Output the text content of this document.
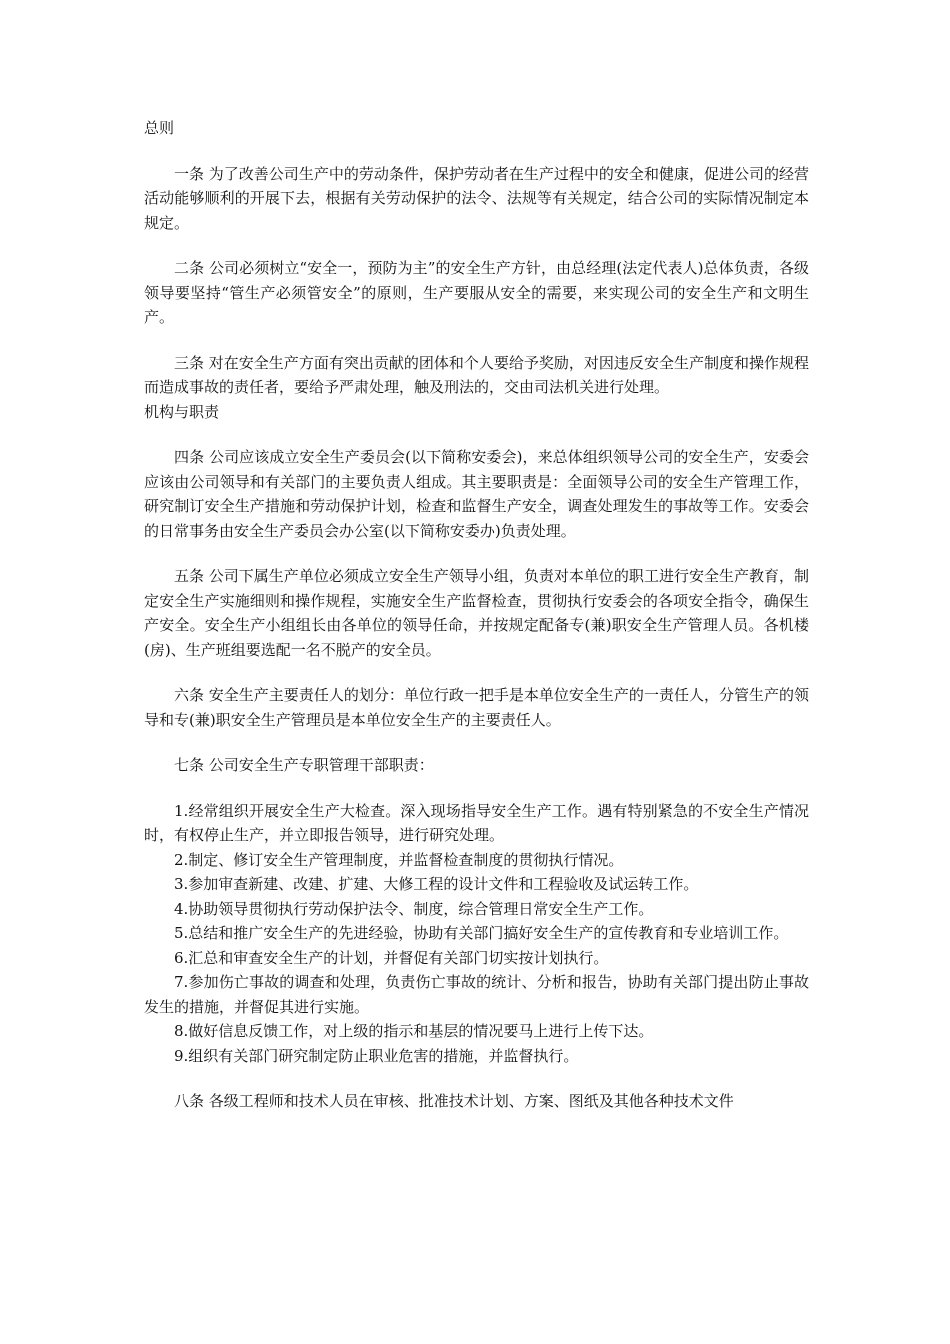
总则

一条 为了改善公司生产中的劳动条件，保护劳动者在生产过程中的安全和健康，促进公司的经营活动能够顺利的开展下去，根据有关劳动保护的法令、法规等有关规定，结合公司的实际情况制定本规定。

二条 公司必须树立“安全一，预防为主”的安全生产方针，由总经理(法定代表人)总体负责，各级领导要坚持“管生产必须管安全”的原则，生产要服从安全的需要，来实现公司的安全生产和文明生产。

三条 对在安全生产方面有突出贡献的团体和个人要给予奖励，对因违反安全生产制度和操作规程而造成事故的责任者，要给予严肃处理，触及刑法的，交由司法机关进行处理。

机构与职责

四条 公司应该成立安全生产委员会(以下简称安委会)，来总体组织领导公司的安全生产，安委会应该由公司领导和有关部门的主要负责人组成。其主要职责是：全面领导公司的安全生产管理工作，研究制订安全生产措施和劳动保护计划，检查和监督生产安全，调查处理发生的事故等工作。安委会的日常事务由安全生产委员会办公室(以下简称安委办)负责处理。

五条 公司下属生产单位必须成立安全生产领导小组，负责对本单位的职工进行安全生产教育，制定安全生产实施细则和操作规程，实施安全生产监督检查，贯彻执行安委会的各项安全指令，确保生产安全。安全生产小组组长由各单位的领导任命，并按规定配备专(兼)职安全生产管理人员。各机楼(房)、生产班组要选配一名不脱产的安全员。

六条 安全生产主要责任人的划分：单位行政一把手是本单位安全生产的一责任人，分管生产的领导和专(兼)职安全生产管理员是本单位安全生产的主要责任人。

七条 公司安全生产专职管理干部职责：

1.经常组织开展安全生产大检查。深入现场指导安全生产工作。遇有特别紧急的不安全生产情况时，有权停止生产，并立即报告领导，进行研究处理。
2.制定、修订安全生产管理制度，并监督检查制度的贯彻执行情况。
3.参加审查新建、改建、扩建、大修工程的设计文件和工程验收及试运转工作。
4.协助领导贯彻执行劳动保护法令、制度，综合管理日常安全生产工作。
5.总结和推广安全生产的先进经验，协助有关部门搞好安全生产的宣传教育和专业培训工作。
6.汇总和审查安全生产的计划，并督促有关部门切实按计划执行。
7.参加伤亡事故的调查和处理，负责伤亡事故的统计、分析和报告，协助有关部门提出防止事故发生的措施，并督促其进行实施。
8.做好信息反馈工作，对上级的指示和基层的情况要马上进行上传下达。
9.组织有关部门研究制定防止职业危害的措施，并监督执行。

八条 各级工程师和技术人员在审核、批准技术计划、方案、图纸及其他各种技术文件
